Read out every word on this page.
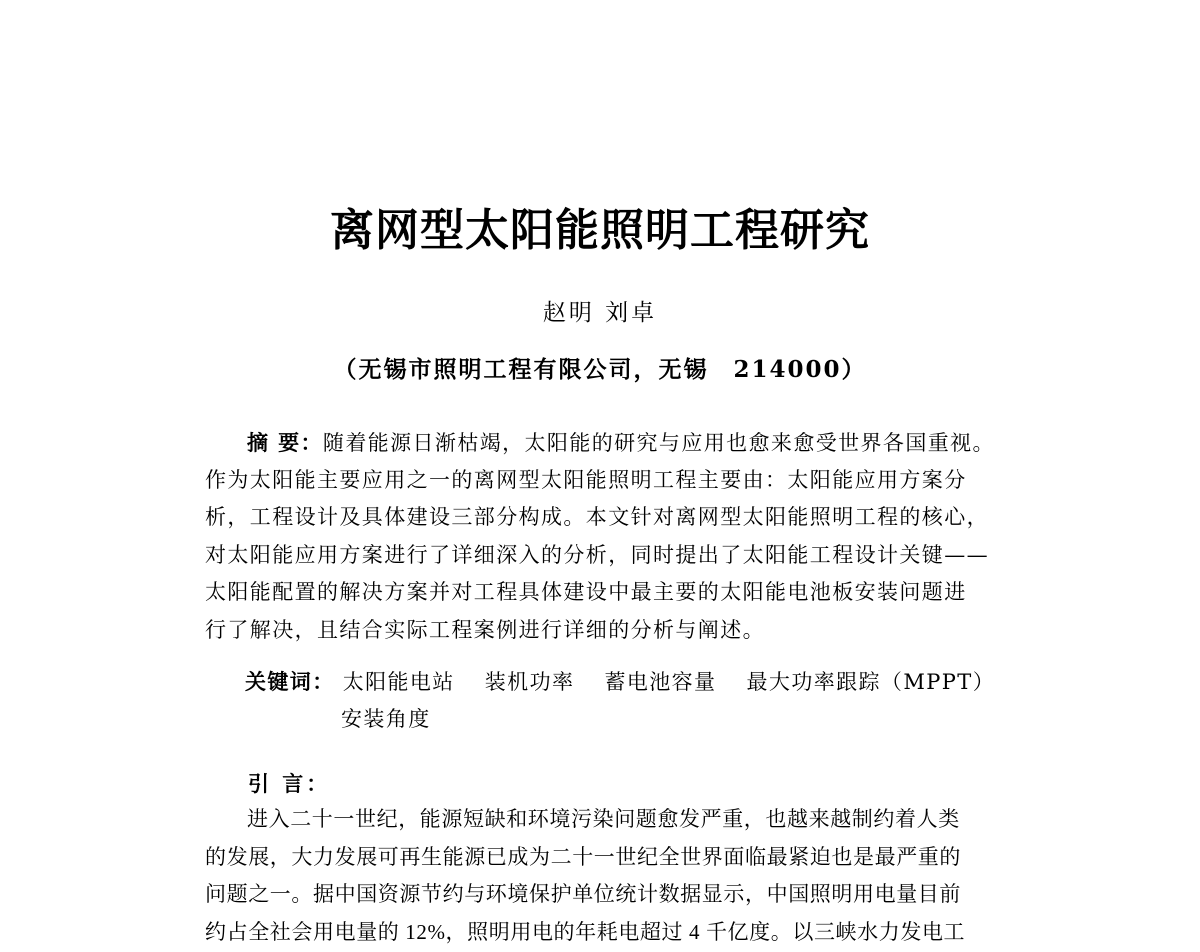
离网型太阳能照明工程研究
赵明 刘卓
（无锡市照明工程有限公司，无锡　214000）
摘 要：随着能源日渐枯竭，太阳能的研究与应用也愈来愈受世界各国重视。
作为太阳能主要应用之一的离网型太阳能照明工程主要由：太阳能应用方案分
析，工程设计及具体建设三部分构成。本文针对离网型太阳能照明工程的核心，
对太阳能应用方案进行了详细深入的分析，同时提出了太阳能工程设计关键——
太阳能配置的解决方案并对工程具体建设中最主要的太阳能电池板安装问题进
行了解决，且结合实际工程案例进行详细的分析与阐述。
关键词： 太阳能电站 装机功率 蓄电池容量 最大功率跟踪（MPPT）
安装角度
引 言：
进入二十一世纪，能源短缺和环境污染问题愈发严重，也越来越制约着人类
的发展，大力发展可再生能源已成为二十一世纪全世界面临最紧迫也是最严重的
问题之一。据中国资源节约与环境保护单位统计数据显示，中国照明用电量目前
约占全社会用电量的 12%，照明用电的年耗电超过 4 千亿度。以三峡水力发电工
